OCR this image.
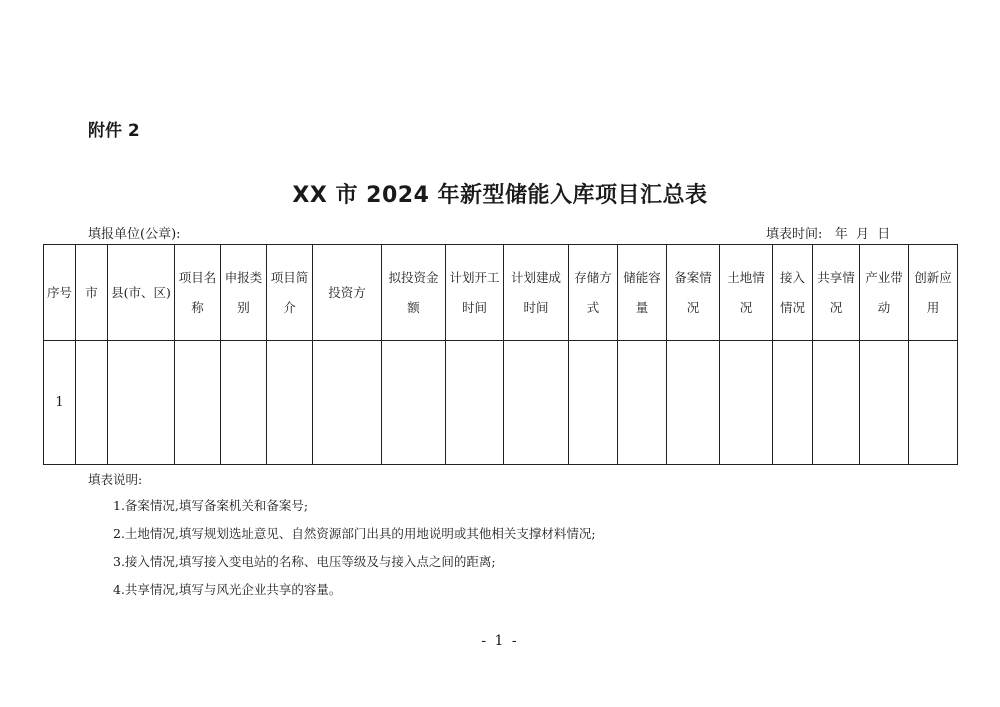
附件 2
XX 市 2024 年新型储能入库项目汇总表
填报单位(公章):	填表时间:   年  月  日
序号	市	县(市、区)	项目名称	申报类别	项目简介	投资方	拟投资金额	计划开工时间	计划建成时间	存储方式	储能容量	备案情况	土地情况	接入情况	共享情况	产业带动	创新应用
1																	
填表说明:
1.备案情况,填写备案机关和备案号;
2.土地情况,填写规划选址意见、自然资源部门出具的用地说明或其他相关支撑材料情况;
3.接入情况,填写接入变电站的名称、电压等级及与接入点之间的距离;
4.共享情况,填写与风光企业共享的容量。
- 1 -
